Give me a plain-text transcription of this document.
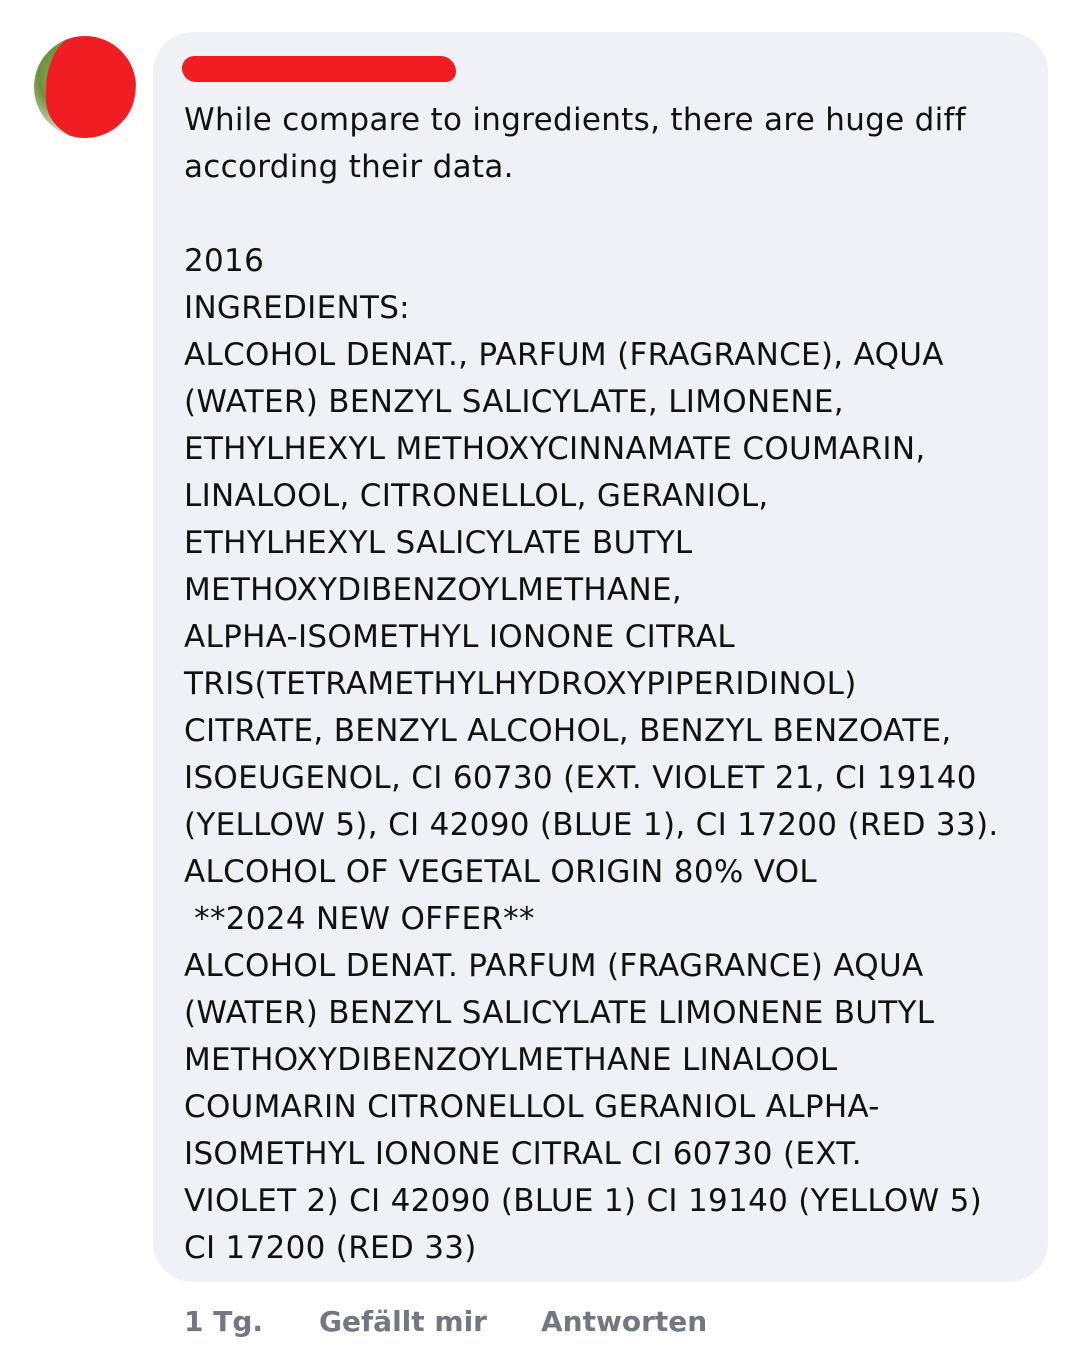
While compare to ingredients, there are huge diff
according their data.
2016
INGREDIENTS:
ALCOHOL DENAT., PARFUM (FRAGRANCE), AQUA
(WATER) BENZYL SALICYLATE, LIMONENE,
ETHYLHEXYL METHOXYCINNAMATE COUMARIN,
LINALOOL, CITRONELLOL, GERANIOL,
ETHYLHEXYL SALICYLATE BUTYL
METHOXYDIBENZOYLMETHANE,
ALPHA-ISOMETHYL IONONE CITRAL
TRIS(TETRAMETHYLHYDROXYPIPERIDINOL)
CITRATE, BENZYL ALCOHOL, BENZYL BENZOATE,
ISOEUGENOL, CI 60730 (EXT. VIOLET 21, CI 19140
(YELLOW 5), CI 42090 (BLUE 1), CI 17200 (RED 33).
ALCOHOL OF VEGETAL ORIGIN 80% VOL
**2024 NEW OFFER**
ALCOHOL DENAT. PARFUM (FRAGRANCE) AQUA
(WATER) BENZYL SALICYLATE LIMONENE BUTYL
METHOXYDIBENZOYLMETHANE LINALOOL
COUMARIN CITRONELLOL GERANIOL ALPHA-
ISOMETHYL IONONE CITRAL CI 60730 (EXT.
VIOLET 2) CI 42090 (BLUE 1) CI 19140 (YELLOW 5)
CI 17200 (RED 33)
1 Tg. Gefällt mir Antworten
